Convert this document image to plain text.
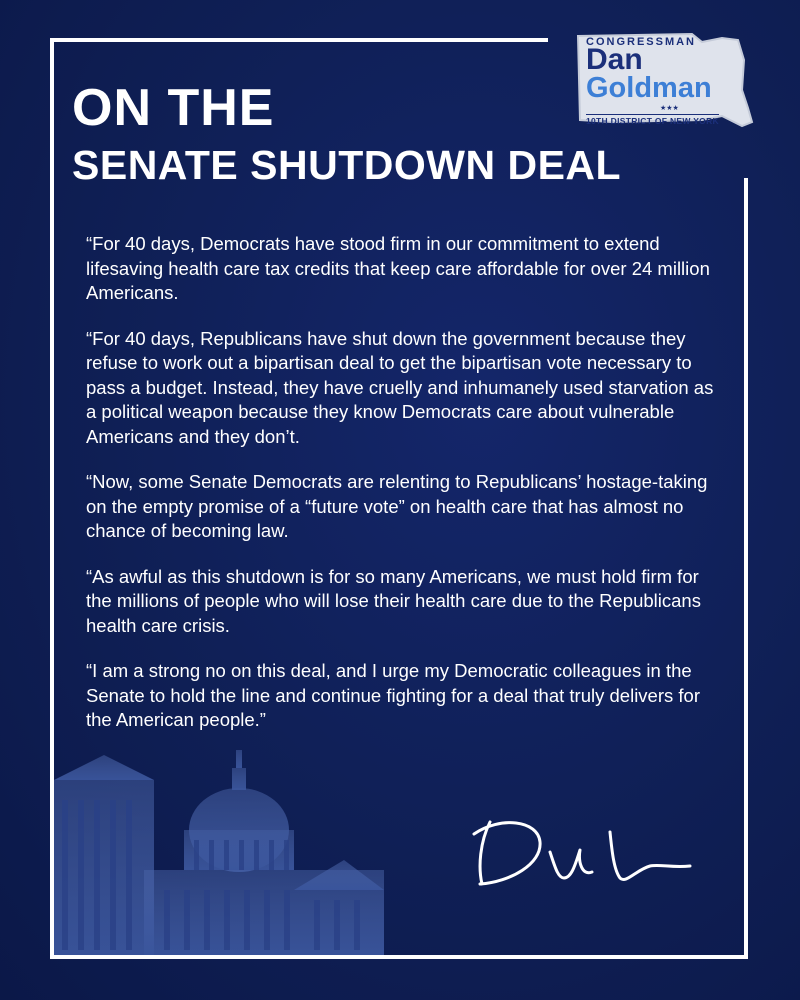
CONGRESSMAN
Dan
Goldman
★★★
10TH DISTRICT OF NEW YORK
ON THE
SENATE SHUTDOWN DEAL

“For 40 days, Democrats have stood firm in our commitment to extend lifesaving health care tax credits that keep care affordable for over 24 million Americans.

“For 40 days, Republicans have shut down the government because they refuse to work out a bipartisan deal to get the bipartisan vote necessary to pass a budget. Instead, they have cruelly and inhumanely used starvation as a political weapon because they know Democrats care about vulnerable Americans and they don’t.

“Now, some Senate Democrats are relenting to Republicans’ hostage-taking on the empty promise of a “future vote” on health care that has almost no chance of becoming law.

“As awful as this shutdown is for so many Americans, we must hold firm for the millions of people who will lose their health care due to the Republicans health care crisis.

“I am a strong no on this deal, and I urge my Democratic colleagues in the Senate to hold the line and continue fighting for a deal that truly delivers for the American people.”
